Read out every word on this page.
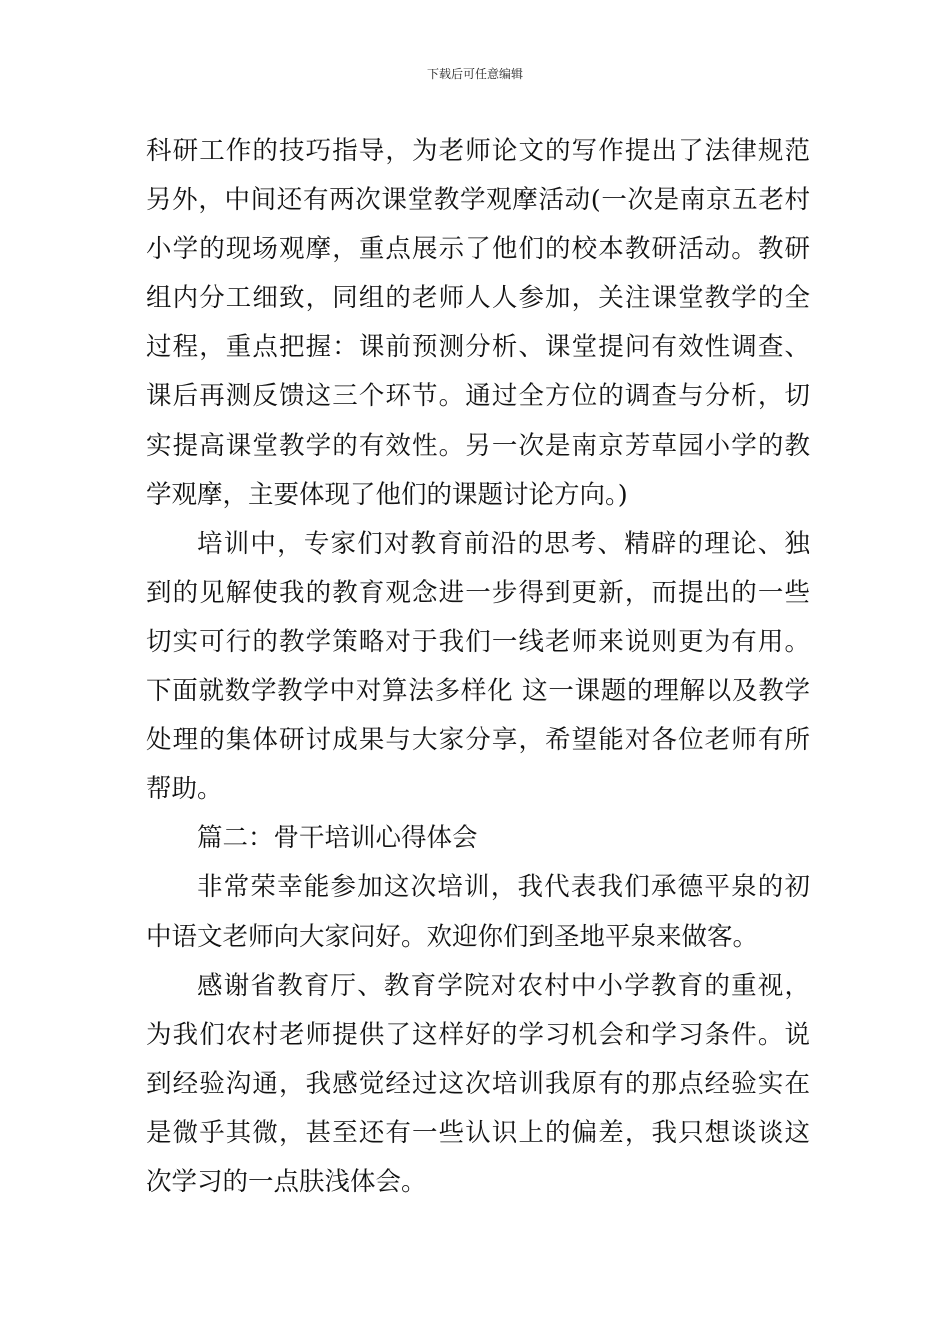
下载后可任意编辑
科研工作的技巧指导，为老师论文的写作提出了法律规范
另外，中间还有两次课堂教学观摩活动(一次是南京五老村
小学的现场观摩，重点展示了他们的校本教研活动。教研
组内分工细致，同组的老师人人参加，关注课堂教学的全
过程，重点把握：课前预测分析、课堂提问有效性调查、
课后再测反馈这三个环节。通过全方位的调查与分析，切
实提高课堂教学的有效性。另一次是南京芳草园小学的教
学观摩，主要体现了他们的课题讨论方向。)
培训中，专家们对教育前沿的思考、精辟的理论、独
到的见解使我的教育观念进一步得到更新，而提出的一些
切实可行的教学策略对于我们一线老师来说则更为有用。
下面就数学教学中对算法多样化 这一课题的理解以及教学
处理的集体研讨成果与大家分享，希望能对各位老师有所
帮助。
篇二：骨干培训心得体会
非常荣幸能参加这次培训，我代表我们承德平泉的初
中语文老师向大家问好。欢迎你们到圣地平泉来做客。
感谢省教育厅、教育学院对农村中小学教育的重视，
为我们农村老师提供了这样好的学习机会和学习条件。说
到经验沟通，我感觉经过这次培训我原有的那点经验实在
是微乎其微，甚至还有一些认识上的偏差，我只想谈谈这
次学习的一点肤浅体会。
